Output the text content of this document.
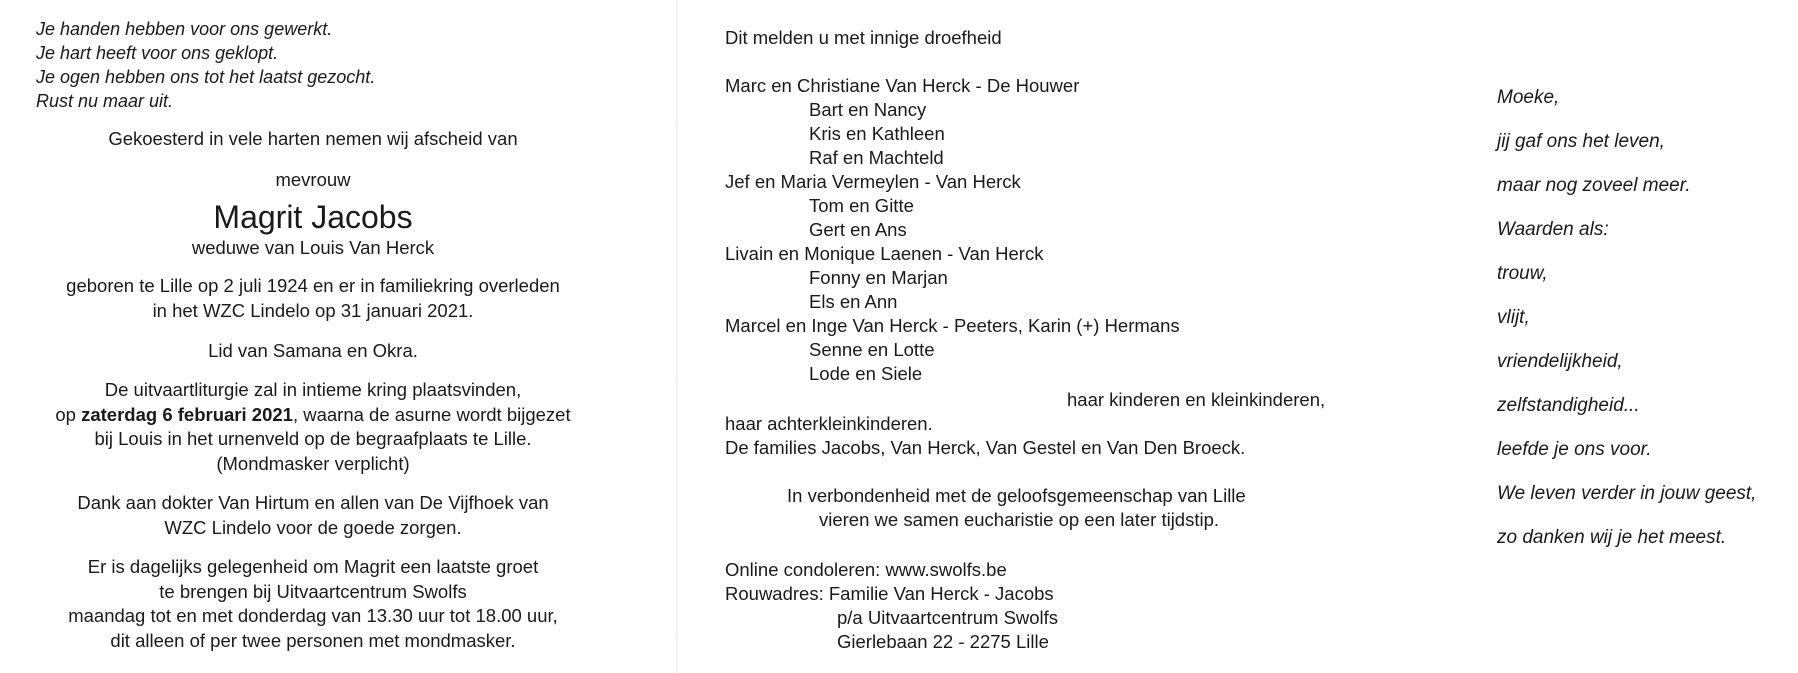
Je handen hebben voor ons gewerkt.
Je hart heeft voor ons geklopt.
Je ogen hebben ons tot het laatst gezocht.
Rust nu maar uit.
Gekoesterd in vele harten nemen wij afscheid van
mevrouw
Magrit Jacobs
weduwe van Louis Van Herck
geboren te Lille op 2 juli 1924 en er in familiekring overleden
in het WZC Lindelo op 31 januari 2021.
Lid van Samana en Okra.
De uitvaartliturgie zal in intieme kring plaatsvinden,
op zaterdag 6 februari 2021, waarna de asurne wordt bijgezet
bij Louis in het urnenveld op de begraafplaats te Lille.
(Mondmasker verplicht)
Dank aan dokter Van Hirtum en allen van De Vijfhoek van
WZC Lindelo voor de goede zorgen.
Er is dagelijks gelegenheid om Magrit een laatste groet
te brengen bij Uitvaartcentrum Swolfs
maandag tot en met donderdag van 13.30 uur tot 18.00 uur,
dit alleen of per twee personen met mondmasker.
Dit melden u met innige droefheid
Marc en Christiane Van Herck - De Houwer
Bart en Nancy
Kris en Kathleen
Raf en Machteld
Jef en Maria Vermeylen - Van Herck
Tom en Gitte
Gert en Ans
Livain en Monique Laenen - Van Herck
Fonny en Marjan
Els en Ann
Marcel en Inge Van Herck - Peeters, Karin (+) Hermans
Senne en Lotte
Lode en Siele
haar kinderen en kleinkinderen,
haar achterkleinkinderen.
De families Jacobs, Van Herck, Van Gestel en Van Den Broeck.
In verbondenheid met de geloofsgemeenschap van Lille
vieren we samen eucharistie op een later tijdstip.
Online condoleren: www.swolfs.be
Rouwadres: Familie Van Herck - Jacobs
p/a Uitvaartcentrum Swolfs
Gierlebaan 22 - 2275 Lille
Moeke,
jij gaf ons het leven,
maar nog zoveel meer.
Waarden als:
trouw,
vlijt,
vriendelijkheid,
zelfstandigheid...
leefde je ons voor.
We leven verder in jouw geest,
zo danken wij je het meest.
